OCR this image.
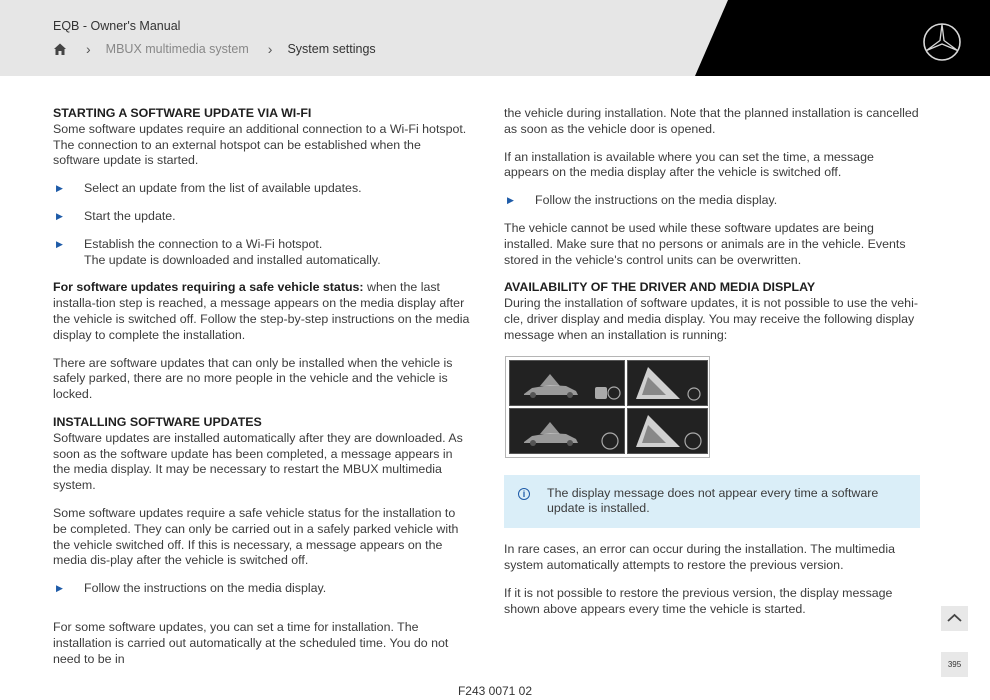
EQB - Owner's Manual
› MBUX multimedia system › System settings
STARTING A SOFTWARE UPDATE VIA WI-FI

Some software updates require an additional connection to a Wi-Fi hotspot. The connection to an external hotspot can be established when the software update is started.

▶	Select an update from the list of available updates.
▶	Start the update.
▶	Establish the connection to a Wi-Fi hotspot.
The update is downloaded and installed automatically.

For software updates requiring a safe vehicle status: when the last installa-tion step is reached, a message appears on the media display after the vehicle is switched off. Follow the step-by-step instructions on the media display to complete the installation.

There are software updates that can only be installed when the vehicle is safely parked, there are no more people in the vehicle and the vehicle is locked.

INSTALLING SOFTWARE UPDATES

Software updates are installed automatically after they are downloaded. As soon as the software update has been completed, a message appears in the media display. It may be necessary to restart the MBUX multimedia system.

Some software updates require a safe vehicle status for the installation to be completed. They can only be carried out in a safely parked vehicle with the vehicle switched off. If this is necessary, a message appears on the media dis-play after the vehicle is switched off.

▶	Follow the instructions on the media display.

For some software updates, you can set a time for installation. The installation is carried out automatically at the scheduled time. You do not need to be in

the vehicle during installation. Note that the planned installation is cancelled as soon as the vehicle door is opened.

If an installation is available where you can set the time, a message appears on the media display after the vehicle is switched off.

▶	Follow the instructions on the media display.

The vehicle cannot be used while these software updates are being installed. Make sure that no persons or animals are in the vehicle. Events stored in the vehicle's control units can be overwritten.

AVAILABILITY OF THE DRIVER AND MEDIA DISPLAY

During the installation of software updates, it is not possible to use the vehi-cle, driver display and media display. You may receive the following display message when an installation is running:

i	The display message does not appear every time a software update is installed.

In rare cases, an error can occur during the installation. The multimedia system automatically attempts to restore the previous version.

If it is not possible to restore the previous version, the display message shown above appears every time the vehicle is started.

395
F243 0071 02
